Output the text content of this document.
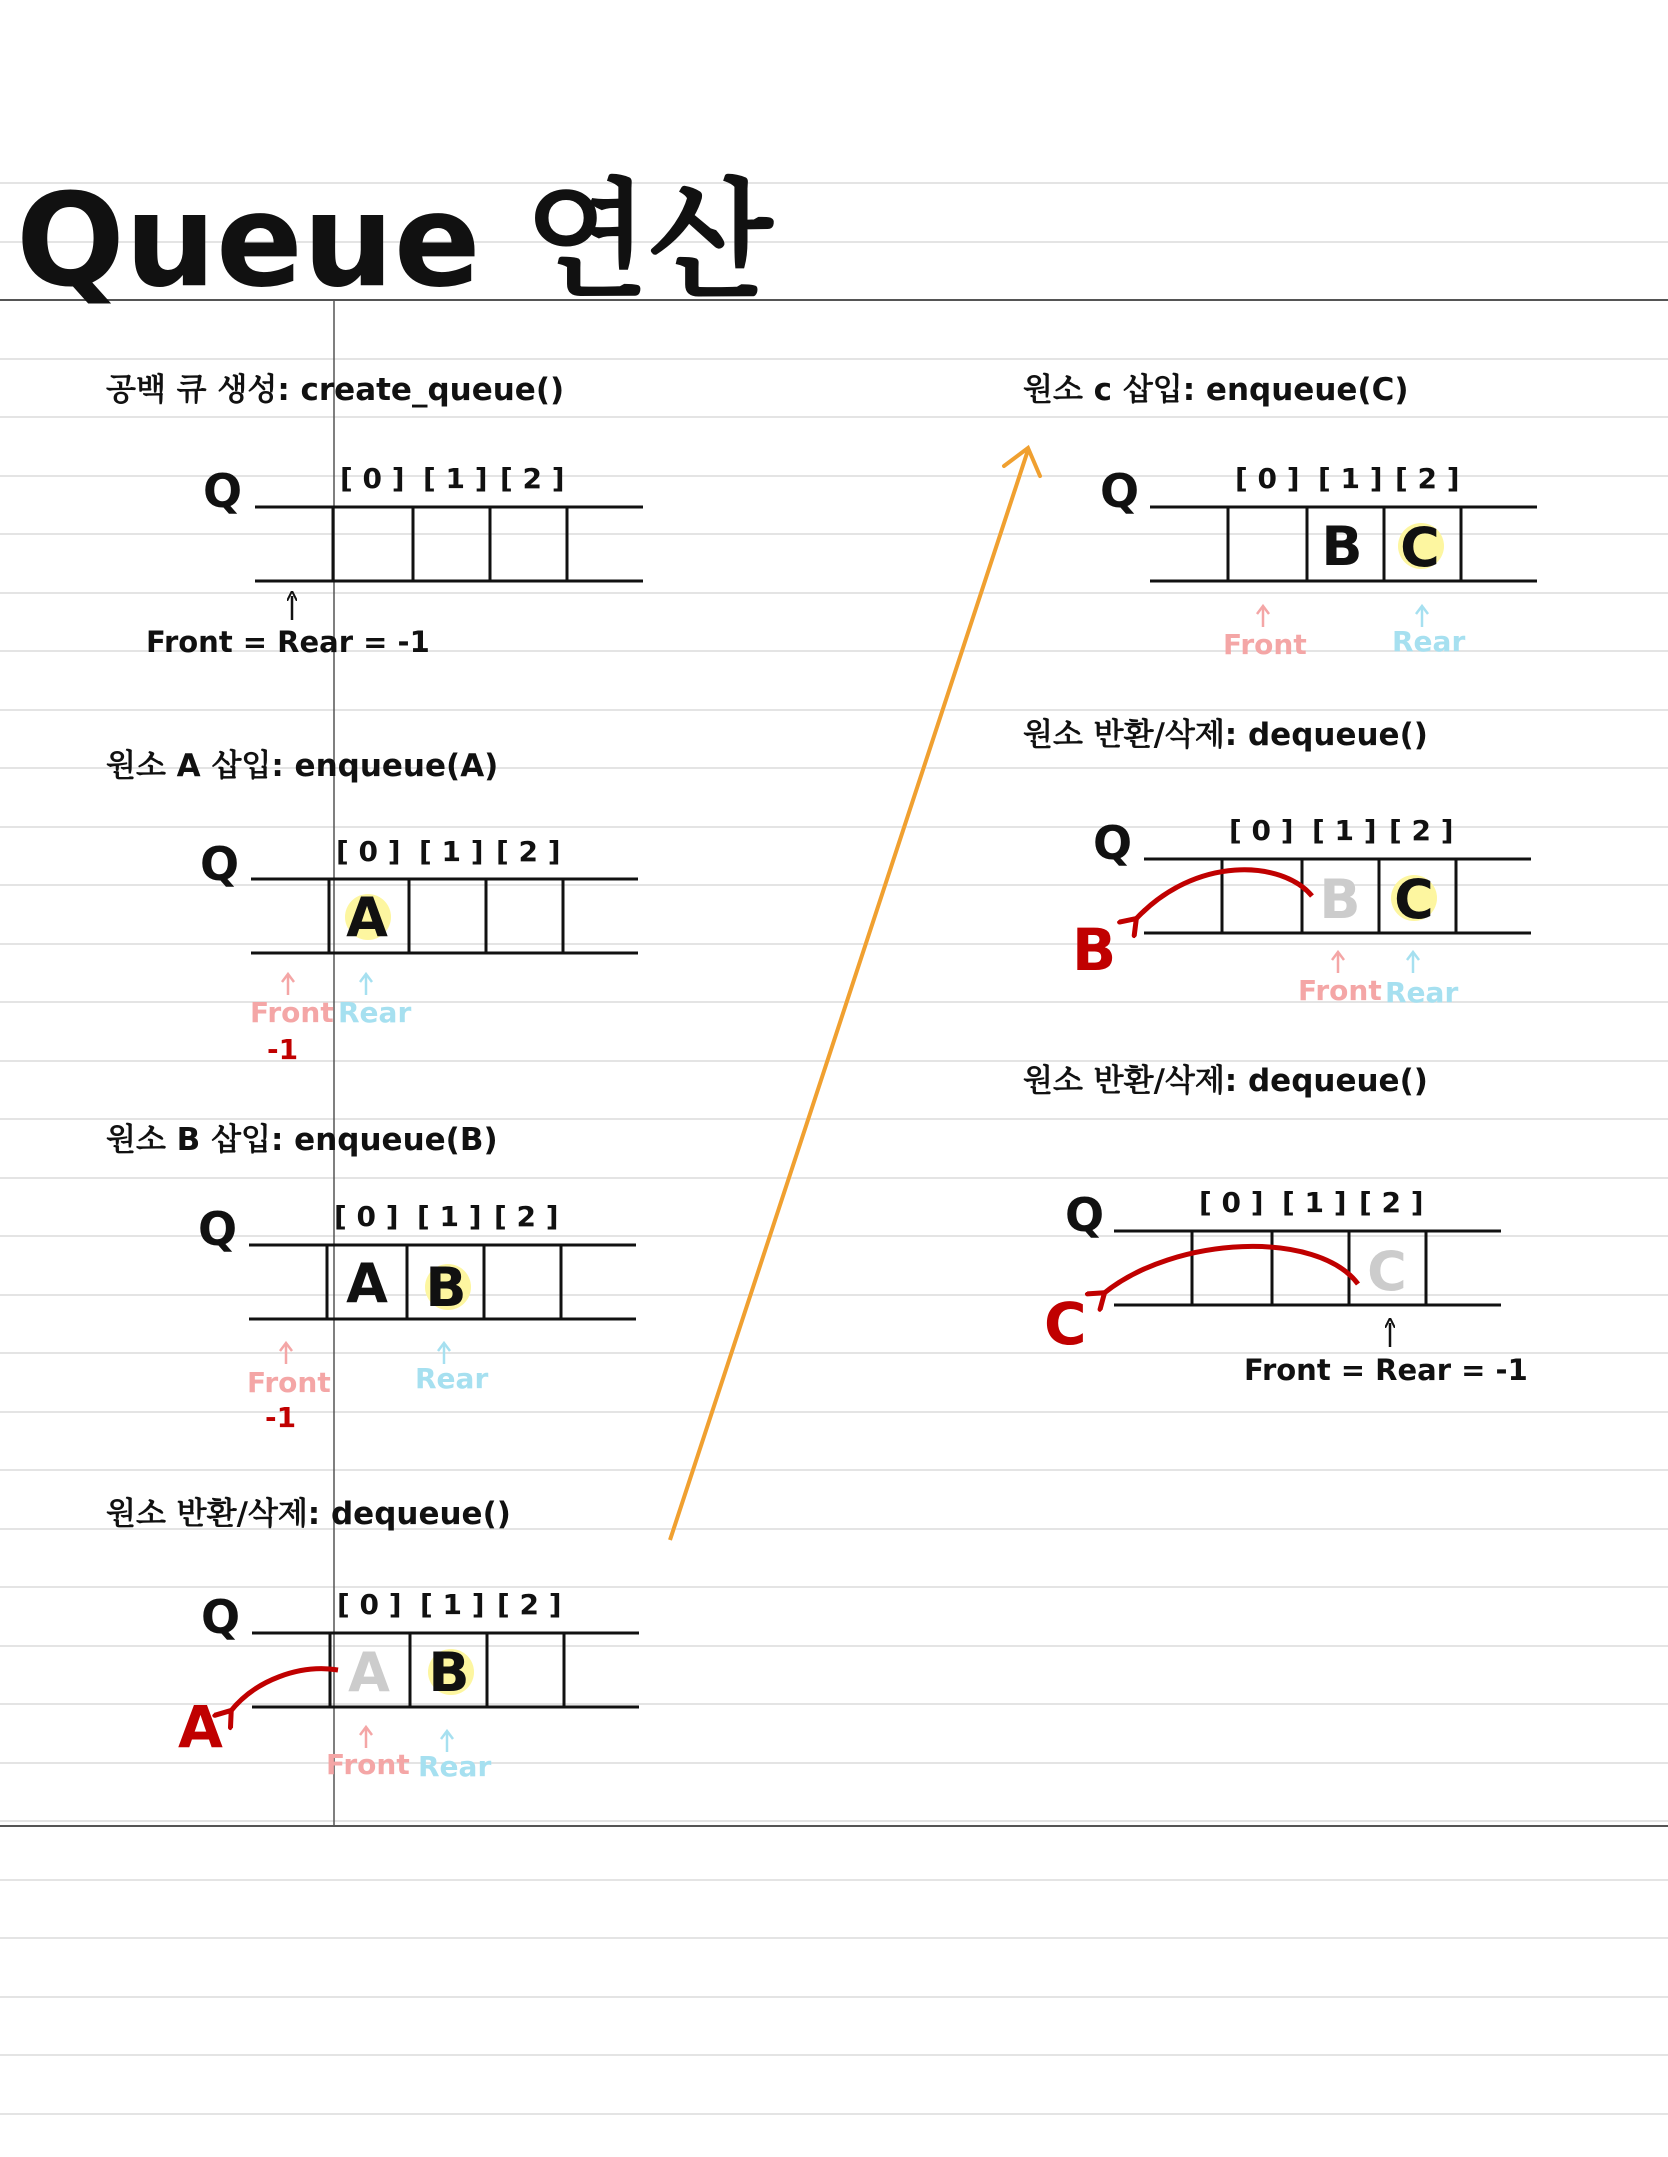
Queue 연산
공백 큐 생성: create_queue()
Q	[ 0 ] [ 1 ] [ 2 ]
Front = Rear = -1
원소 A 삽입: enqueue(A)
Q	[ 0 ] [ 1 ] [ 2 ]
A
Front Rear
-1
원소 B 삽입: enqueue(B)
Q	[ 0 ] [ 1 ] [ 2 ]
A B
Front	Rear
-1
원소 반환/삭제: dequeue()
Q	[ 0 ] [ 1 ] [ 2 ]
A B
A
Front Rear
원소 c 삽입: enqueue(C)
Q	[ 0 ] [ 1 ] [ 2 ]
B C
Front	Rear
원소 반환/삭제: dequeue()
Q	[ 0 ] [ 1 ] [ 2 ]
B C
B
Front Rear
원소 반환/삭제: dequeue()
Q	[ 0 ] [ 1 ] [ 2 ]
C
C
Front = Rear = -1
